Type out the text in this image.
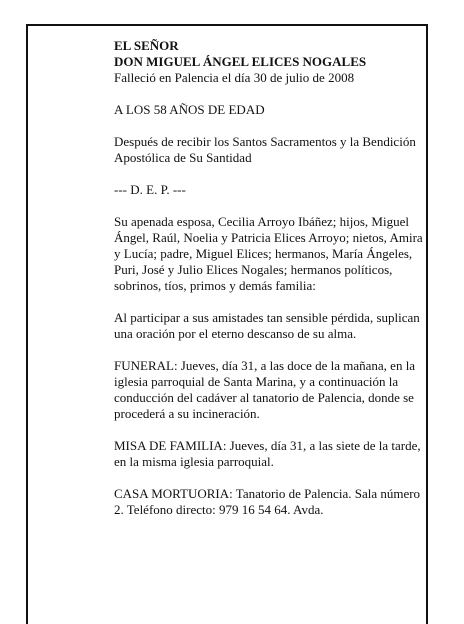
EL SEÑOR

DON MIGUEL ÁNGEL ELICES NOGALES

Falleció en Palencia el día 30 de julio de 2008

A LOS 58 AÑOS DE EDAD

Después de recibir los Santos Sacramentos y la Bendición Apostólica de Su Santidad

--- D. E. P. ---

Su apenada esposa, Cecilia Arroyo Ibáñez; hijos, Miguel Ángel, Raúl, Noelia y Patricia Elices Arroyo; nietos, Amira y Lucía; padre, Miguel Elices; hermanos, María Ángeles, Puri, José y Julio Elices Nogales; hermanos políticos, sobrinos, tíos, primos y demás familia:

Al participar a sus amistades tan sensible pérdida, suplican una oración por el eterno descanso de su alma.

FUNERAL: Jueves, día 31, a las doce de la mañana, en la iglesia parroquial de Santa Marina, y a continuación la conducción del cadáver al tanatorio de Palencia, donde se procederá a su incineración.

MISA DE FAMILIA: Jueves, día 31, a las siete de la tarde, en la misma iglesia parroquial.

CASA MORTUORIA: Tanatorio de Palencia. Sala número 2. Teléfono directo: 979 16 54 64. Avda.
